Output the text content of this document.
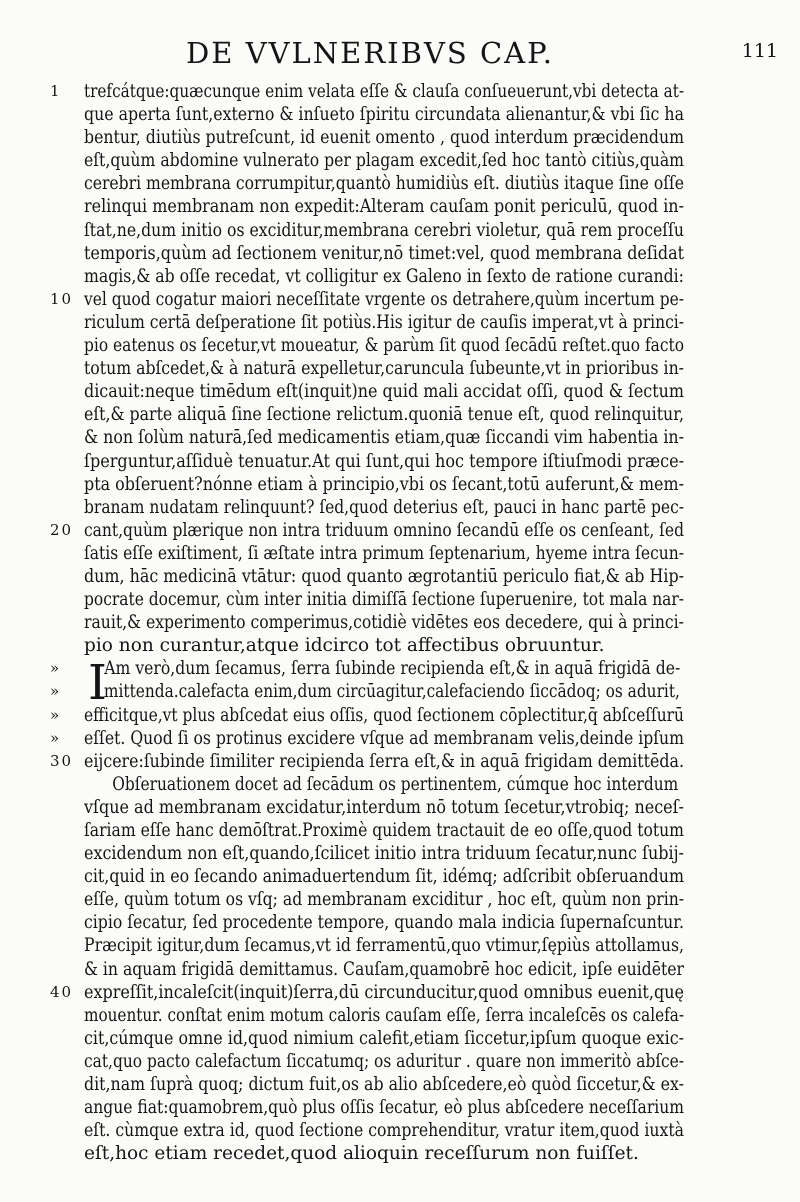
DE VVLNERIBVS CAP.	111
1	trefcátque:quæcunque enim velata eſſe & clauſa conſueuerunt,vbi detecta at-
que aperta ſunt,externo & inſueto ſpiritu circundata alienantur,& vbi ſic ha
bentur, diutiùs putreſcunt, id euenit omento , quod interdum præcidendum
eſt,quùm abdomine vulnerato per plagam excedit,ſed hoc tantò citiùs,quàm
cerebri membrana corrumpitur,quantò humidiùs eſt. diutiùs itaque ſine oſſe
relinqui membranam non expedit:Alteram cauſam ponit periculū, quod in-
ſtat,ne,dum initio os exciditur,membrana cerebri violetur, quā rem proceſſu
temporis,quùm ad ſectionem venitur,nō timet:vel, quod membrana deſidat
magis,& ab oſſe recedat, vt colligitur ex Galeno in ſexto de ratione curandi:
10 vel quod cogatur maiori neceſſitate vrgente os detrahere,quùm incertum pe-
riculum certā deſperatione ſit potiùs.His igitur de cauſis imperat,vt à princi-
pio eatenus os ſecetur,vt moueatur, & parùm ſit quod ſecādū reſtet.quo facto
totum abſcedet,& à naturā expelletur,caruncula ſubeunte,vt in prioribus in-
dicauit:neque timēdum eſt(inquit)ne quid mali accidat oſſi, quod & ſectum
eſt,& parte aliquā ſine ſectione relictum.quoniā tenue eſt, quod relinquitur,
& non ſolùm naturā,ſed medicamentis etiam,quæ ſiccandi vim habentia in-
ſperguntur,aſſiduè tenuatur.At qui ſunt,qui hoc tempore iſtiuſmodi præce-
pta obſeruent?nónne etiam à principio,vbi os ſecant,totū auferunt,& mem-
branam nudatam relinquunt? ſed,quod deterius eſt, pauci in hanc partē pec-
20 cant,quùm plærique non intra triduum omnino ſecandū eſſe os cenſeant, ſed
ſatis eſſe exiſtiment, ſi æſtate intra primum ſeptenarium, hyeme intra ſecun-
dum, hāc medicinā vtātur: quod quanto ægrotantiū periculo fiat,& ab Hip-
pocrate docemur, cùm inter initia dimiſſā ſectione ſuperuenire, tot mala nar-
rauit,& experimento comperimus,cotidiè vidētes eos decedere, qui à princi-
pio non curantur,atque idcirco tot affectibus obruuntur.
» I
Am verò,dum ſecamus, ſerra ſubinde recipienda eſt,& in aquā frigidā de-
»	mittenda.calefacta enim,dum circūagitur,calefaciendo ſiccādoq; os adurit,
»	efficitque,vt plus abſcedat eius oſſis, quod ſectionem cōplectitur,q̄ abſceſſurū
»	eſſet. Quod ſi os protinus excidere vſque ad membranam velis,deinde ipſum
30 eijcere:ſubinde ſimiliter recipienda ſerra eſt,& in aquā frigidam demittēda.
Obſeruationem docet ad ſecādum os pertinentem, cúmque hoc interdum
vſque ad membranam excidatur,interdum nō totum ſecetur,vtrobiq; neceſ-
ſariam eſſe hanc demōſtrat.Proximè quidem tractauit de eo oſſe,quod totum
excidendum non eſt,quando,ſcilicet initio intra triduum ſecatur,nunc ſubij-
cit,quid in eo ſecando animaduertendum ſit, idémq; adſcribit obſeruandum
eſſe, quùm totum os vſq; ad membranam exciditur , hoc eſt, quùm non prin-
cipio ſecatur, ſed procedente tempore, quando mala indicia ſupernaſcuntur.
Præcipit igitur,dum ſecamus,vt id ferramentū,quo vtimur,ſępiùs attollamus,
& in aquam frigidā demittamus. Cauſam,quamobrē hoc edicit, ipſe euidēter
40 expreſſit,incaleſcit(inquit)ſerra,dū circunducitur,quod omnibus euenit,quę
mouentur. conſtat enim motum caloris cauſam eſſe, ſerra incaleſcēs os calefa-
cit,cúmque omne id,quod nimium calefit,etiam ſiccetur,ipſum quoque exic-
cat,quo pacto calefactum ſiccatumq; os aduritur . quare non immeritò abſce-
dit,nam ſuprà quoq; dictum fuit,os ab alio abſcedere,eò quòd ſiccetur,& ex-
angue fiat:quamobrem,quò plus oſſis ſecatur, eò plus abſcedere neceſſarium
eſt. cùmque extra id, quod ſectione comprehenditur, vratur item,quod iuxtà
eſt,hoc etiam recedet,quod alioquin receſſurum non fuiſſet.
